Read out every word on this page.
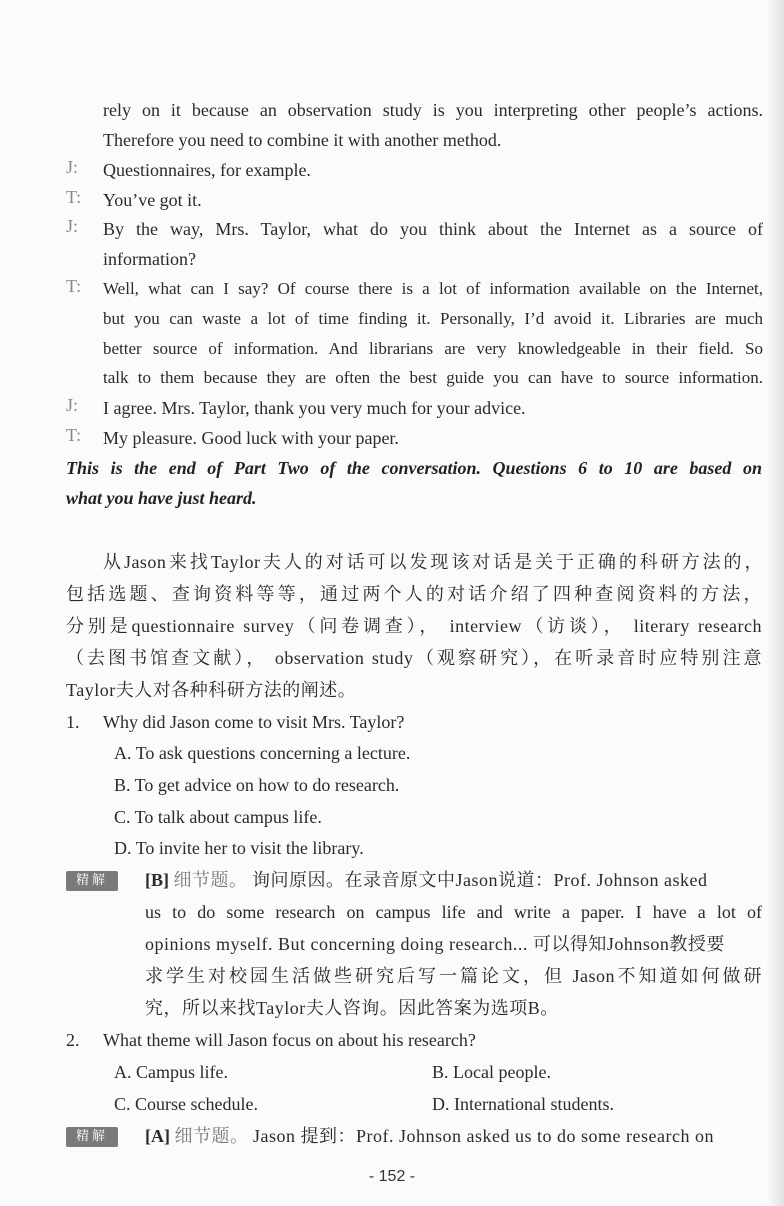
rely on it because an observation study is you interpreting other people’s actions.
Therefore you need to combine it with another method.
J: Questionnaires, for example.
T: You’ve got it.
J: By the way, Mrs. Taylor, what do you think about the Internet as a source of
information?
T: Well, what can I say? Of course there is a lot of information available on the Internet,
but you can waste a lot of time finding it. Personally, I’d avoid it. Libraries are much
better source of information. And librarians are very knowledgeable in their field. So
talk to them because they are often the best guide you can have to source information.
J: I agree. Mrs. Taylor, thank you very much for your advice.
T: My pleasure. Good luck with your paper.
This is the end of Part Two of the conversation. Questions 6 to 10 are based on
what you have just heard.
从Jason来找Taylor夫人的对话可以发现该对话是关于正确的科研方法的，
包括选题、查询资料等等，通过两个人的对话介绍了四种查阅资料的方法，
分别是questionnaire survey（问卷调查）， interview（访谈）， literary research
（去图书馆查文献）， observation study（观察研究），在听录音时应特别注意
Taylor夫人对各种科研方法的阐述。
1. Why did Jason come to visit Mrs. Taylor?
A. To ask questions concerning a lecture.
B. To get advice on how to do research.
C. To talk about campus life.
D. To invite her to visit the library.
精解	[B] 细节题。 询问原因。在录音原文中Jason说道：Prof. Johnson asked
us to do some research on campus life and write a paper. I have a lot of
opinions myself. But concerning doing research... 可以得知Johnson教授要
求学生对校园生活做些研究后写一篇论文，但 Jason不知道如何做研
究，所以来找Taylor夫人咨询。因此答案为选项B。
2. What theme will Jason focus on about his research?
A. Campus life.	B. Local people.
C. Course schedule.	D. International students.
精解	[A] 细节题。 Jason 提到：Prof. Johnson asked us to do some research on
- 152 -
